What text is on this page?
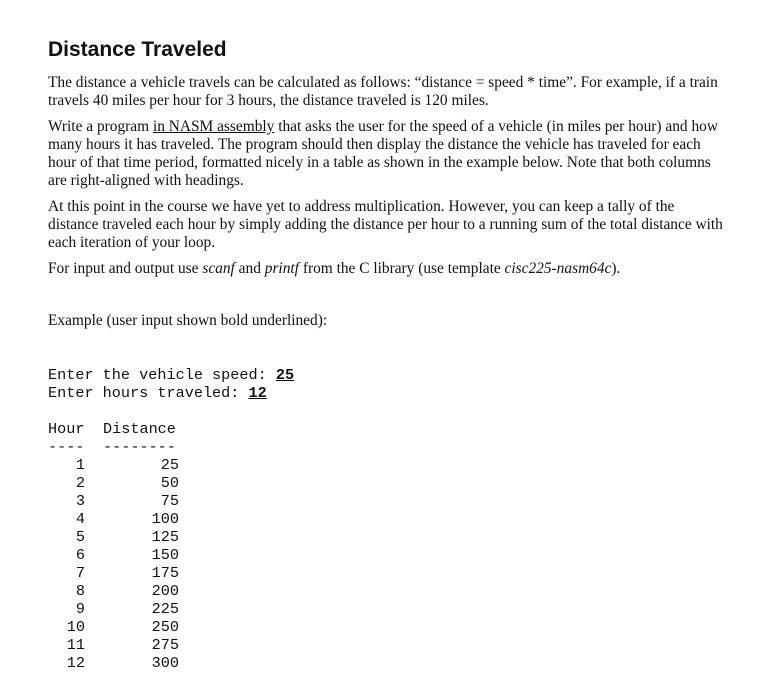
Distance Traveled

The distance a vehicle travels can be calculated as follows: “distance = speed * time”. For example, if a train travels 40 miles per hour for 3 hours, the distance traveled is 120 miles.

Write a program in NASM assembly that asks the user for the speed of a vehicle (in miles per hour) and how many hours it has traveled. The program should then display the distance the vehicle has traveled for each hour of that time period, formatted nicely in a table as shown in the example below. Note that both columns are right-aligned with headings.

At this point in the course we have yet to address multiplication. However, you can keep a tally of the distance traveled each hour by simply adding the distance per hour to a running sum of the total distance with each iteration of your loop.

For input and output use scanf and printf from the C library (use template cisc225-nasm64c).

Example (user input shown bold underlined):

Enter the vehicle speed: 25
Enter hours traveled: 12
Hour Distance
---- --------
1	25
2	50
3	75
4	100
5	125
6	150
7	175
8	200
9	225
10	250
11	275
12	300
